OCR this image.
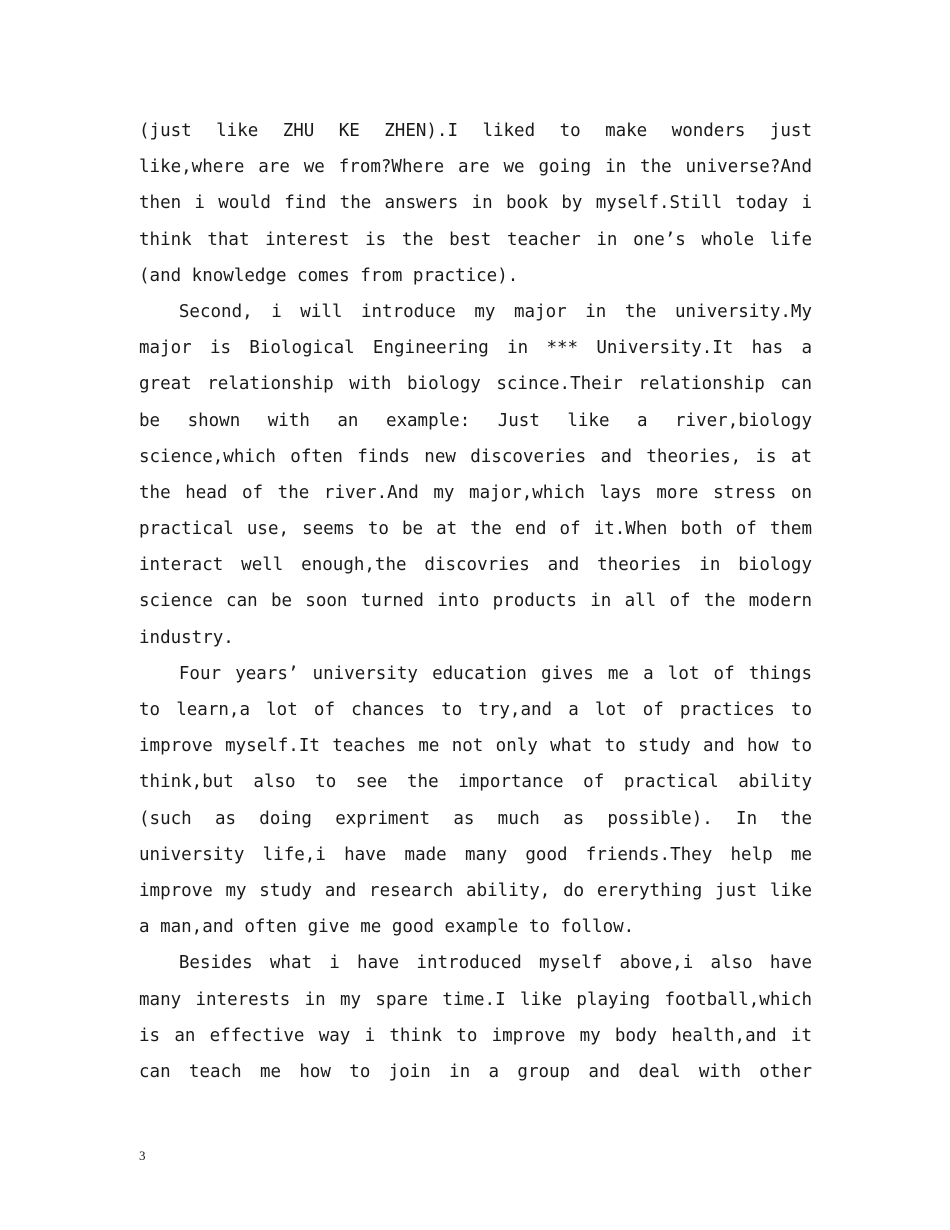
(just like ZHU KE ZHEN).I liked to make wonders just
like,where are we from?Where are we going in the universe?And
then i would find the answers in book by myself.Still today i
think that interest is the best teacher in one’s whole life
(and knowledge comes from practice).
Second, i will introduce my major in the university.My
major is Biological Engineering in *** University.It has a
great relationship with biology scince.Their relationship can
be shown with an example: Just like a river,biology
science,which often finds new discoveries and theories, is at
the head of the river.And my major,which lays more stress on
practical use, seems to be at the end of it.When both of them
interact well enough,the discovries and theories in biology
science can be soon turned into products in all of the modern
industry.
Four years’ university education gives me a lot of things
to learn,a lot of chances to try,and a lot of practices to
improve myself.It teaches me not only what to study and how to
think,but also to see the importance of practical ability
(such as doing expriment as much as possible). In the
university life,i have made many good friends.They help me
improve my study and research ability, do ererything just like
a man,and often give me good example to follow.
Besides what i have introduced myself above,i also have
many interests in my spare time.I like playing football,which
is an effective way i think to improve my body health,and it
can teach me how to join in a group and deal with other
3
